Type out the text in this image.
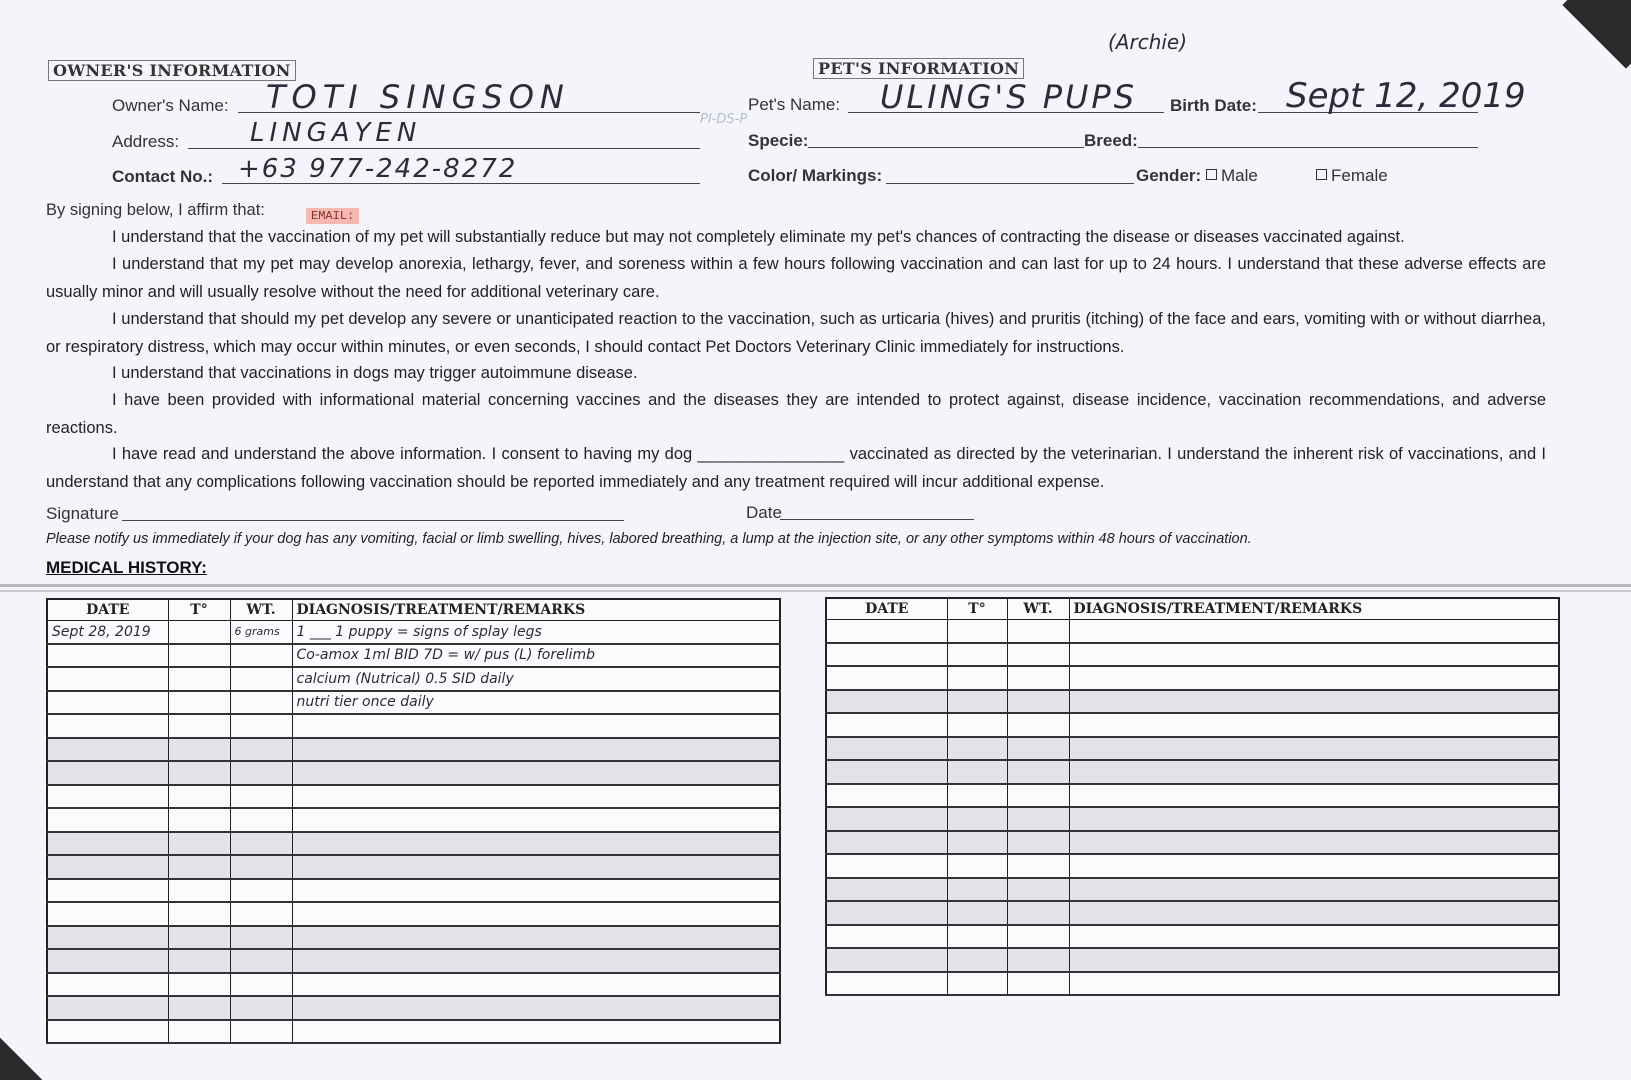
OWNER'S INFORMATION
Owner's Name: TOTI SINGSON
Address:	LINGAYEN
Contact No.: +63 977-242-8272
PI-DS-P
(Archie)
PET'S INFORMATION
Pet's Name: ULING'S PUPS Birth Date: Sept 12, 2019
Specie:	Breed:
Color/ Markings:	Gender:	Male	Female
By signing below, I affirm that:	EMAIL:
I understand that the vaccination of my pet will substantially reduce but may not completely eliminate my pet's chances of contracting the disease or diseases vaccinated against.
I understand that my pet may develop anorexia, lethargy, fever, and soreness within a few hours following vaccination and can last for up to 24 hours. I understand that these adverse effects are usually minor and will usually resolve without the need for additional veterinary care.
I understand that should my pet develop any severe or unanticipated reaction to the vaccination, such as urticaria (hives) and pruritis (itching) of the face and ears, vomiting with or without diarrhea, or respiratory distress, which may occur within minutes, or even seconds, I should contact Pet Doctors Veterinary Clinic immediately for instructions.
I understand that vaccinations in dogs may trigger autoimmune disease.
I have been provided with informational material concerning vaccines and the diseases they are intended to protect against, disease incidence, vaccination recommendations, and adverse reactions.
I have read and understand the above information. I consent to having my dog ________________ vaccinated as directed by the veterinarian. I understand the inherent risk of vaccinations, and I understand that any complications following vaccination should be reported immediately and any treatment required will incur additional expense.
Signature	Date
Please notify us immediately if your dog has any vomiting, facial or limb swelling, hives, labored breathing, a lump at the injection site, or any other symptoms within 48 hours of vaccination.
MEDICAL HISTORY:
DATE	T°	WT.	DIAGNOSIS/TREATMENT/REMARKS
Sept 28, 2019		6 grams	1 ___ 1 puppy = signs of splay legs
			Co-amox 1ml BID 7D = w/ pus (L) forelimb
			calcium (Nutrical) 0.5 SID daily
			nutri tier once daily

DATE	T°	WT.	DIAGNOSIS/TREATMENT/REMARKS
